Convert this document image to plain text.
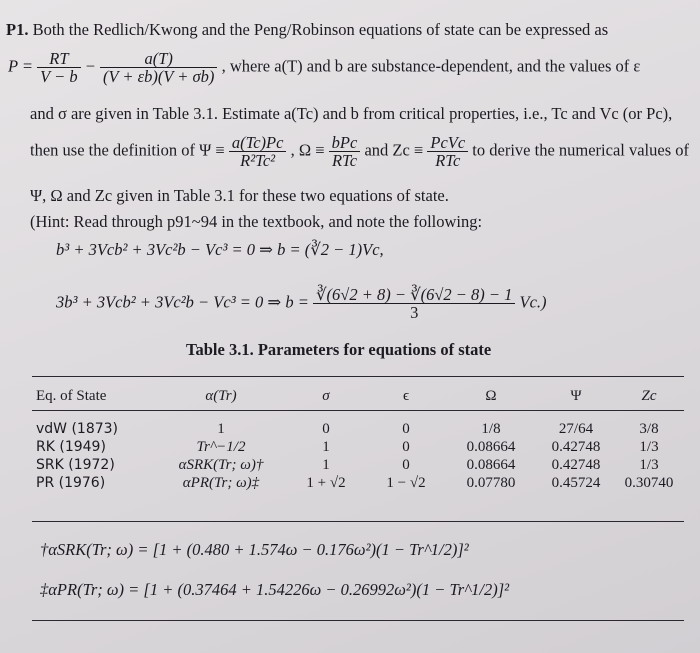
P1. Both the Redlich/Kwong and the Peng/Robinson equations of state can be expressed as
$P = \frac{RT}{V - b} - \frac{a(T)}{(V + \varepsilon b)(V + \sigma b)}$ , where a(T) and b are substance-dependent, and the values of ε
and σ are given in Table 3.1. Estimate a(Tc) and b from critical properties, i.e., Tc and Vc (or Pc),
then use the definition of $\Psi \equiv \frac{a(Tc)Pc}{\text{R²Tc²}}$ , $\Omega \equiv \frac{\text{bPc}}{\text{RTc}}$ and $Zc \equiv \frac{\text{PcVc}}{\text{RTc}}$ to derive the numerical values of
Ψ, Ω and Zc given in Table 3.1 for these two equations of state.
(Hint: Read through p91~94 in the textbook, and note the following:
b³ + 3Vcb² + 3Vc²b − Vc³ = 0 ⇒ b = (∛2 − 1)Vc,
3b³ + 3Vcb² + 3Vc²b − Vc³ = 0 ⇒ $b = \frac{∛(6√2 + 8) - ∛(6√2 - 8) - 1}{3} Vc$.)
Table 3.1. Parameters for equations of state
Eq. of State	α(Tr)	σ	ϵ	Ω	Ψ	Zc

vdW (1873)	1	0	0	1/8	27/64	3/8
RK (1949)	Tr^−1/2	1	0	0.08664	0.42748	1/3
SRK (1972)	αSRK(Tr; ω)†	1	0	0.08664	0.42748	1/3
PR (1976)	αPR(Tr; ω)‡	1 + √2	1 − √2	0.07780	0.45724	0.30740
†αSRK(Tr; ω) = [1 + (0.480 + 1.574ω − 0.176ω²)(1 − Tr^1/2)]²
‡αPR(Tr; ω) = [1 + (0.37464 + 1.54226ω − 0.26992ω²)(1 − Tr^1/2)]²
